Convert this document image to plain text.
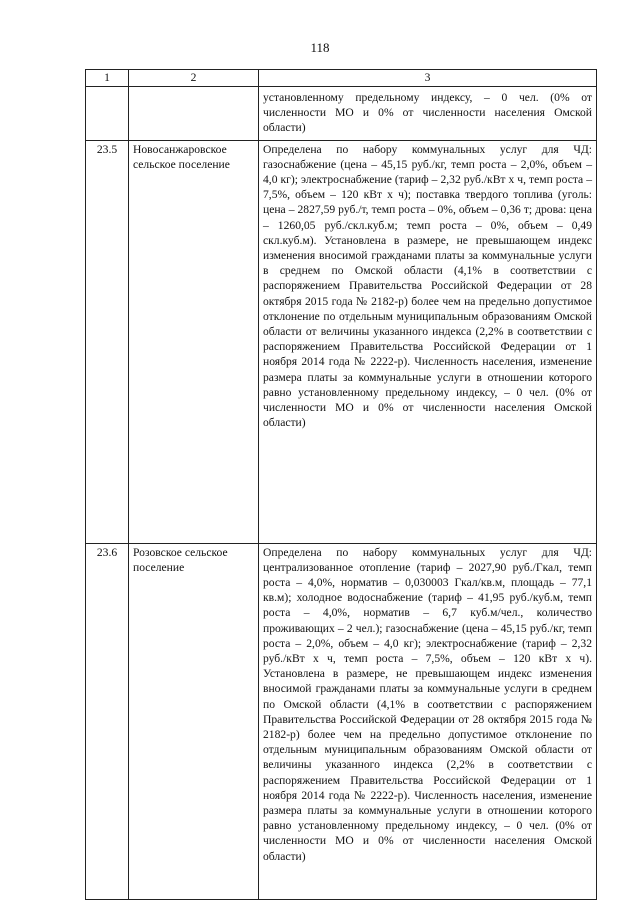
118
1	2	3
		установленному предельному индексу, – 0 чел. (0% от численности МО и 0% от численности населения Омской области)
23.5	Новосанжаровское сельское поселение	Определена по набору коммунальных услуг для ЧД: газоснабжение (цена – 45,15 руб./кг, темп роста – 2,0%, объем – 4,0 кг); электроснабжение (тариф – 2,32 руб./кВт х ч, темп роста – 7,5%, объем – 120 кВт х ч); поставка твердого топлива (уголь: цена – 2827,59 руб./т, темп роста – 0%, объем – 0,36 т; дрова: цена – 1260,05 руб./скл.куб.м; темп роста – 0%, объем – 0,49 скл.куб.м). Установлена в размере, не превышающем индекс изменения вносимой гражданами платы за коммунальные услуги в среднем по Омской области (4,1% в соответствии с распоряжением Правительства Российской Федерации от 28 октября 2015 года № 2182-р) более чем на предельно допустимое отклонение по отдельным муниципальным образованиям Омской области от величины указанного индекса (2,2% в соответствии с распоряжением Правительства Российской Федерации от 1 ноября 2014 года № 2222-р). Численность населения, изменение размера платы за коммунальные услуги в отношении которого равно установленному предельному индексу, – 0 чел. (0% от численности МО и 0% от численности населения Омской области)
23.6	Розовское сельское поселение	Определена по набору коммунальных услуг для ЧД: централизованное отопление (тариф – 2027,90 руб./Гкал, темп роста – 4,0%, норматив – 0,030003 Гкал/кв.м, площадь – 77,1 кв.м); холодное водоснабжение (тариф – 41,95 руб./куб.м, темп роста – 4,0%, норматив – 6,7 куб.м/чел., количество проживающих – 2 чел.); газоснабжение (цена – 45,15 руб./кг, темп роста – 2,0%, объем – 4,0 кг); электроснабжение (тариф – 2,32 руб./кВт х ч, темп роста – 7,5%, объем – 120 кВт х ч). Установлена в размере, не превышающем индекс изменения вносимой гражданами платы за коммунальные услуги в среднем по Омской области (4,1% в соответствии с распоряжением Правительства Российской Федерации от 28 октября 2015 года № 2182-р) более чем на предельно допустимое отклонение по отдельным муниципальным образованиям Омской области от величины указанного индекса (2,2% в соответствии с распоряжением Правительства Российской Федерации от 1 ноября 2014 года № 2222-р). Численность населения, изменение размера платы за коммунальные услуги в отношении которого равно установленному предельному индексу, – 0 чел. (0% от численности МО и 0% от численности населения Омской области)
